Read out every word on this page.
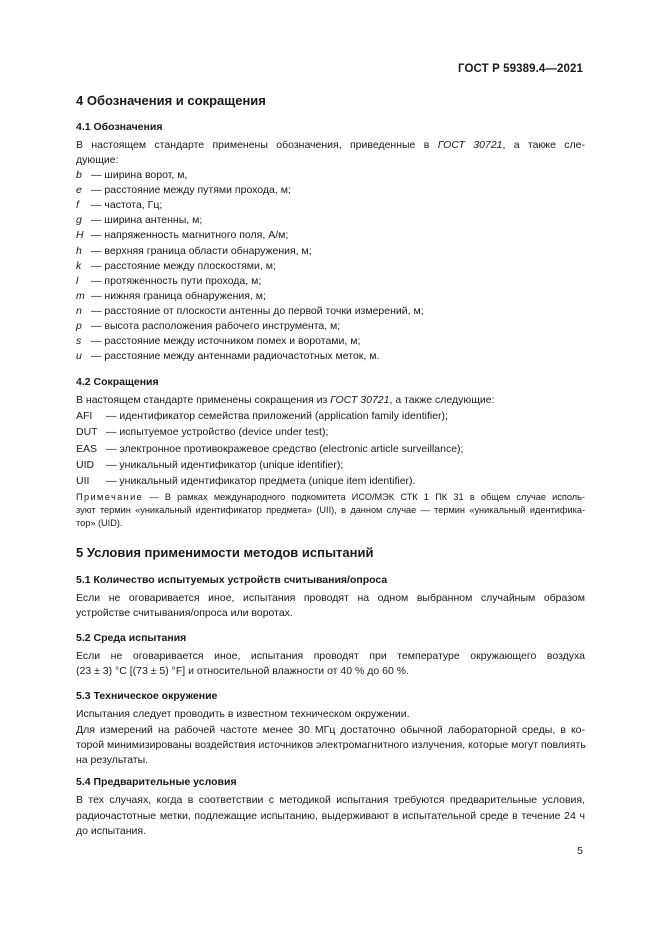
ГОСТ Р 59389.4—2021
4 Обозначения и сокращения
4.1 Обозначения
В настоящем стандарте применены обозначения, приведенные в ГОСТ 30721, а также сле-
дующие:
b — ширина ворот, м,
e — расстояние между путями прохода, м;
f	— частота, Гц;
g — ширина антенны, м;
H — напряженность магнитного поля, А/м;
h — верхняя граница области обнаружения, м;
k — расстояние между плоскостями, м;
l	— протяженность пути прохода, м;
m — нижняя граница обнаружения, м;
n — расстояние от плоскости антенны до первой точки измерений, м;
p — высота расположения рабочего инструмента, м;
s — расстояние между источником помех и воротами, м;
u — расстояние между антеннами радиочастотных меток, м.
4.2 Сокращения
В настоящем стандарте применены сокращения из ГОСТ 30721, а также следующие:
AFI — идентификатор семейства приложений (application family identifier);
DUT — испытуемое устройство (device under test);
EAS — электронное противокражевое средство (electronic article surveillance);
UID — уникальный идентификатор (unique identifier);
UII — уникальный идентификатор предмета (unique item identifier).
Примечание — В рамках международного подкомитета ИСО/МЭК СТК 1 ПК 31 в общем случае исполь-
зуют термин «уникальный идентификатор предмета» (UII), в данном случае — термин «уникальный идентифика-
тор» (UID).
5 Условия применимости методов испытаний
5.1 Количество испытуемых устройств считывания/опроса
Если не оговаривается иное, испытания проводят на одном выбранном случайным образом
устройстве считывания/опроса или воротах.
5.2 Среда испытания
Если не оговаривается иное, испытания проводят при температуре окружающего воздуха
(23 ± 3) °С [(73 ± 5) °F] и относительной влажности от 40 % до 60 %.
5.3 Техническое окружение
Испытания следует проводить в известном техническом окружении.
Для измерений на рабочей частоте менее 30 МГц достаточно обычной лабораторной среды, в ко-
торой минимизированы воздействия источников электромагнитного излучения, которые могут повлиять
на результаты.
5.4 Предварительные условия
В тех случаях, когда в соответствии с методикой испытания требуются предварительные условия,
радиочастотные метки, подлежащие испытанию, выдерживают в испытательной среде в течение 24 ч
до испытания.
5
